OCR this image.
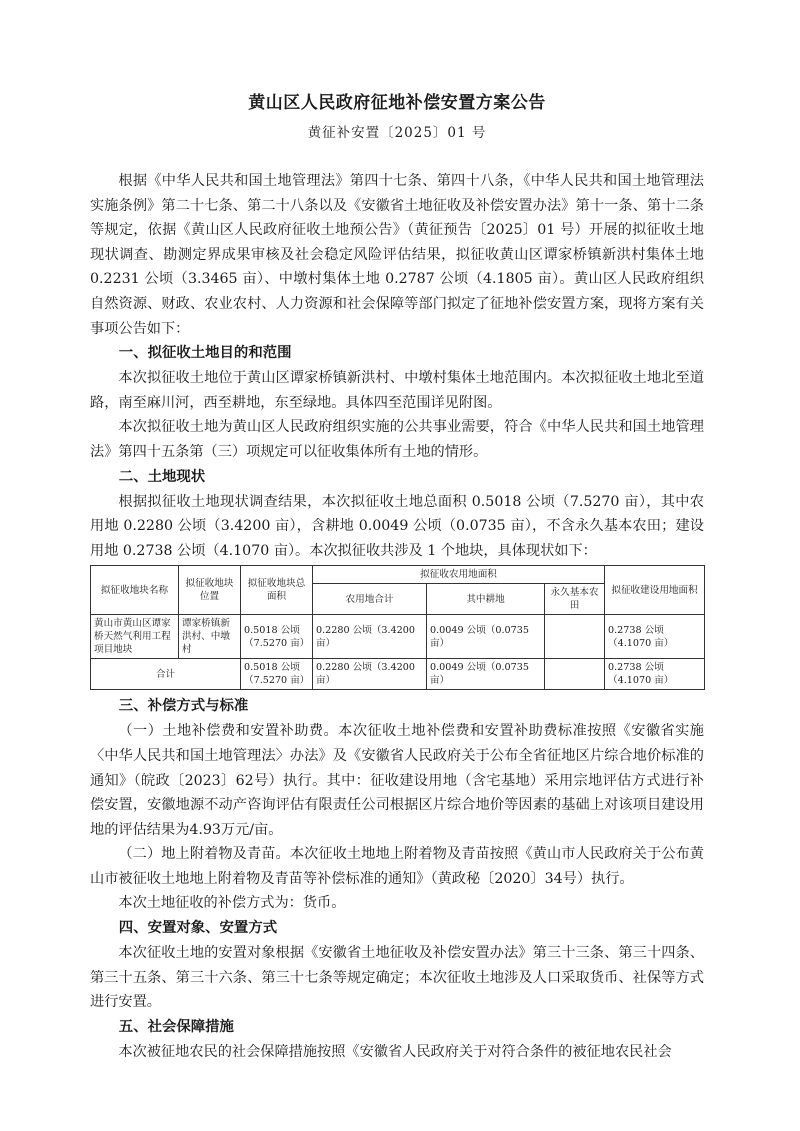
黄山区人民政府征地补偿安置方案公告
黄征补安置〔2025〕01 号

根据《中华人民共和国土地管理法》第四十七条、第四十八条，《中华人民共和国土地管理法实施条例》第二十七条、第二十八条以及《安徽省土地征收及补偿安置办法》第十一条、第十二条等规定，依据《黄山区人民政府征收土地预公告》（黄征预告〔2025〕01 号）开展的拟征收土地现状调查、勘测定界成果审核及社会稳定风险评估结果，拟征收黄山区谭家桥镇新洪村集体土地 0.2231 公顷（3.3465 亩）、中墩村集体土地 0.2787 公顷（4.1805 亩）。黄山区人民政府组织自然资源、财政、农业农村、人力资源和社会保障等部门拟定了征地补偿安置方案，现将方案有关事项公告如下：

一、拟征收土地目的和范围

本次拟征收土地位于黄山区谭家桥镇新洪村、中墩村集体土地范围内。本次拟征收土地北至道路，南至麻川河，西至耕地，东至绿地。具体四至范围详见附图。

本次拟征收土地为黄山区人民政府组织实施的公共事业需要，符合《中华人民共和国土地管理法》第四十五条第（三）项规定可以征收集体所有土地的情形。

二、土地现状

根据拟征收土地现状调查结果，本次拟征收土地总面积 0.5018 公顷（7.5270 亩），其中农用地 0.2280 公顷（3.4200 亩），含耕地 0.0049 公顷（0.0735 亩），不含永久基本农田；建设用地 0.2738 公顷（4.1070 亩）。本次拟征收共涉及 1 个地块，具体现状如下：

拟征收地块名称	拟征收地块位置	拟征收地块总面积	拟征收农用地面积			拟征收建设用地面积
			农用地合计	其中耕地	永久基本农田	
黄山市黄山区谭家桥天然气利用工程项目地块	谭家桥镇新洪村、中墩村	0.5018 公顷（7.5270 亩）	0.2280 公顷（3.4200 亩）	0.0049 公顷（0.0735 亩）		0.2738 公顷（4.1070 亩）
合计		0.5018 公顷（7.5270 亩）	0.2280 公顷（3.4200 亩）	0.0049 公顷（0.0735 亩）		0.2738 公顷（4.1070 亩）
三、补偿方式与标准

（一）土地补偿费和安置补助费。本次征收土地补偿费和安置补助费标准按照《安徽省实施〈中华人民共和国土地管理法〉办法》及《安徽省人民政府关于公布全省征地区片综合地价标准的通知》（皖政〔2023〕62号）执行。其中：征收建设用地（含宅基地）采用宗地评估方式进行补偿安置，安徽地源不动产咨询评估有限责任公司根据区片综合地价等因素的基础上对该项目建设用地的评估结果为4.93万元/亩。

（二）地上附着物及青苗。本次征收土地地上附着物及青苗按照《黄山市人民政府关于公布黄山市被征收土地地上附着物及青苗等补偿标准的通知》（黄政秘〔2020〕34号）执行。

本次土地征收的补偿方式为：货币。

四、安置对象、安置方式

本次征收土地的安置对象根据《安徽省土地征收及补偿安置办法》第三十三条、第三十四条、第三十五条、第三十六条、第三十七条等规定确定；本次征收土地涉及人口采取货币、社保等方式进行安置。

五、社会保障措施

本次被征地农民的社会保障措施按照《安徽省人民政府关于对符合条件的被征地农民社会
